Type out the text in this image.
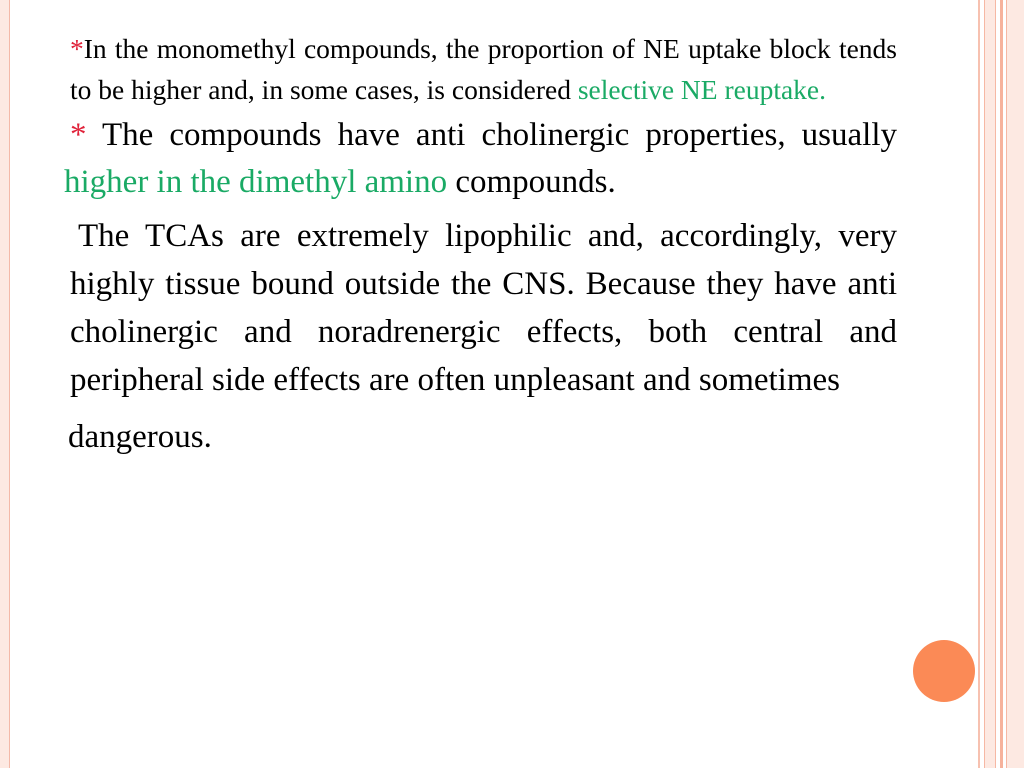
*In the monomethyl compounds, the proportion of NE uptake block tends to be higher and, in some cases, is considered selective NE reuptake.

* The compounds have anti cholinergic properties, usually higher in the dimethyl amino compounds.

The TCAs are extremely lipophilic and, accordingly, very highly tissue bound outside the CNS. Because they have anti cholinergic and noradrenergic effects, both central and peripheral side effects are often unpleasant and sometimes

dangerous.
